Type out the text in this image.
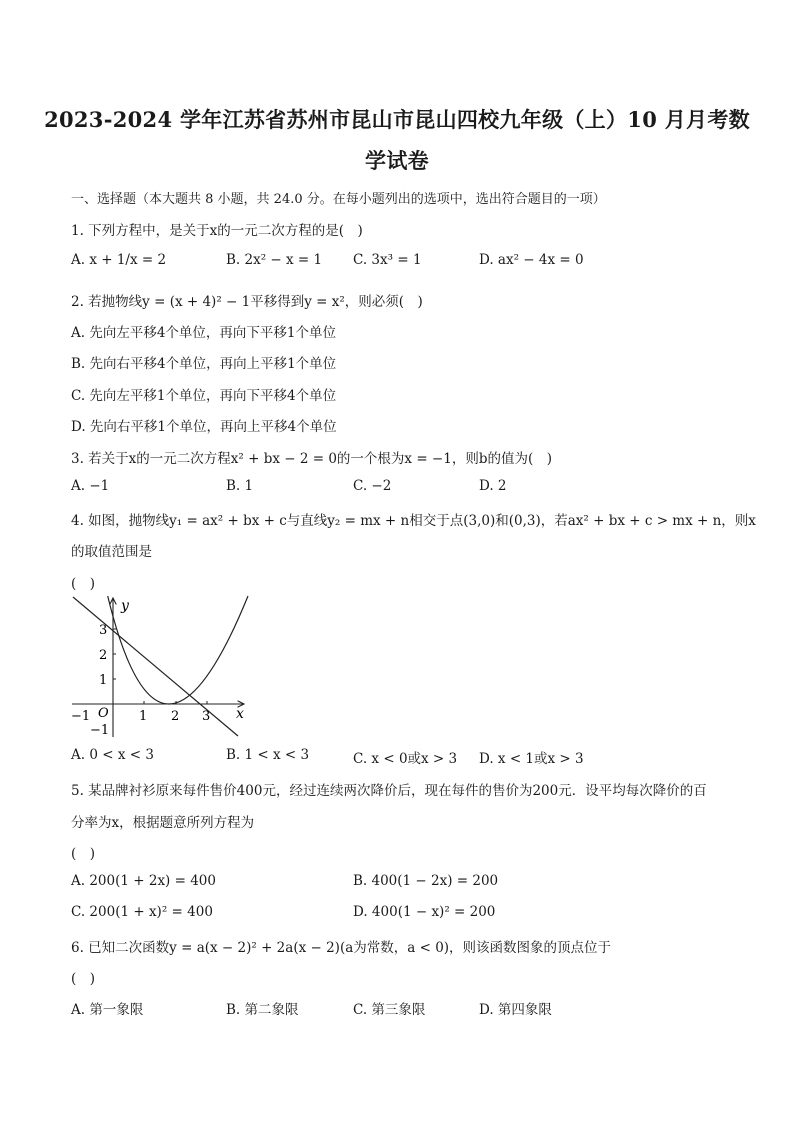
2023-2024 学年江苏省苏州市昆山市昆山四校九年级（上）10 月月考数
学试卷
一、选择题（本大题共 8 小题，共 24.0 分。在每小题列出的选项中，选出符合题目的一项）
1. 下列方程中，是关于x的一元二次方程的是(　)
A. x + 1/x = 2	B. 2x² − x = 1 C. 3x³ = 1	D. ax² − 4x = 0
2. 若抛物线y = (x + 4)² − 1平移得到y = x²，则必须(　)
A. 先向左平移4个单位，再向下平移1个单位
B. 先向右平移4个单位，再向上平移1个单位
C. 先向左平移1个单位，再向下平移4个单位
D. 先向右平移1个单位，再向上平移4个单位
3. 若关于x的一元二次方程x² + bx − 2 = 0的一个根为x = −1，则b的值为(　)
A. −1	B. 1	C. −2	D. 2
4. 如图，抛物线y₁ = ax² + bx + c与直线y₂ = mx + n相交于点(3,0)和(0,3)，若ax² + bx + c > mx + n，则x
的取值范围是
(　)
y
x
O
−1	1 2 3
3
2
1
−1
A. 0 < x < 3	B. 1 < x < 3	C. x < 0或x > 3 D. x < 1或x > 3
5. 某品牌衬衫原来每件售价400元，经过连续两次降价后，现在每件的售价为200元．设平均每次降价的百
分率为x，根据题意所列方程为
(　)
A. 200(1 + 2x) = 400	B. 400(1 − 2x) = 200
C. 200(1 + x)² = 400	D. 400(1 − x)² = 200
6. 已知二次函数y = a(x − 2)² + 2a(x − 2)(a为常数，a < 0)，则该函数图象的顶点位于
(　)
A. 第一象限	B. 第二象限	C. 第三象限	D. 第四象限
